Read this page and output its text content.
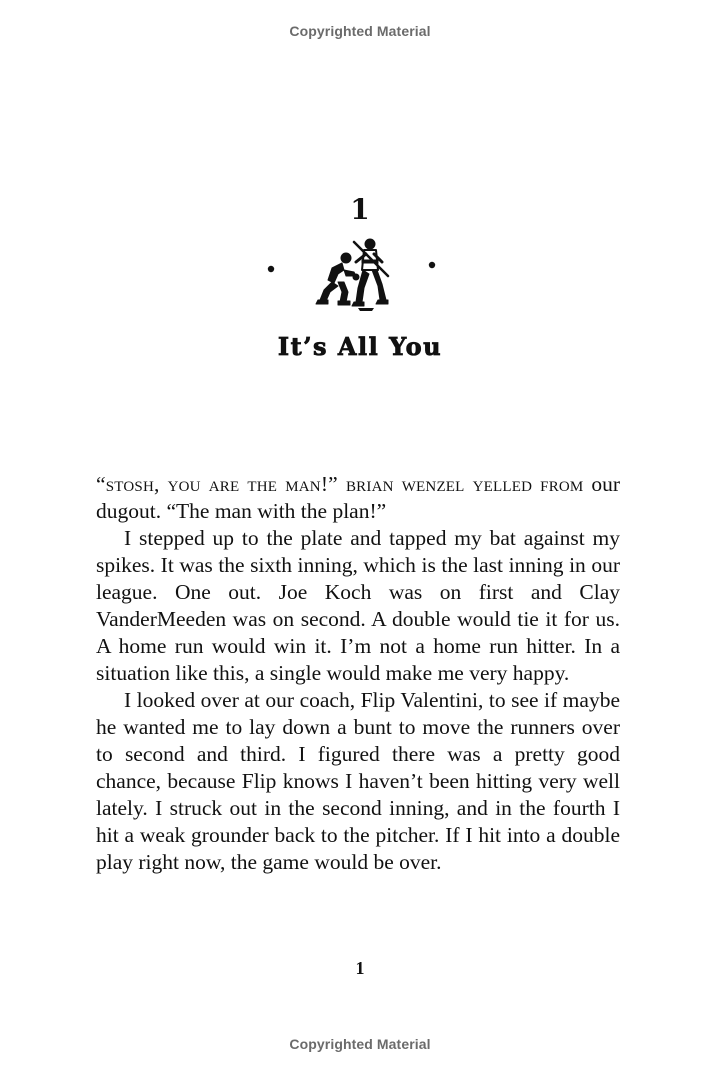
Copyrighted Material
1
It’s All You

“stosh, you are the man!” brian wenzel yelled from our dugout. “The man with the plan!”

I stepped up to the plate and tapped my bat against my spikes. It was the sixth inning, which is the last inning in our league. One out. Joe Koch was on first and Clay VanderMeeden was on second. A double would tie it for us. A home run would win it. I’m not a home run hitter. In a situation like this, a single would make me very happy.

I looked over at our coach, Flip Valentini, to see if maybe he wanted me to lay down a bunt to move the runners over to second and third. I figured there was a pretty good chance, because Flip knows I haven’t been hitting very well lately. I struck out in the second inning, and in the fourth I hit a weak grounder back to the pitcher. If I hit into a double play right now, the game would be over.

1
Copyrighted Material
